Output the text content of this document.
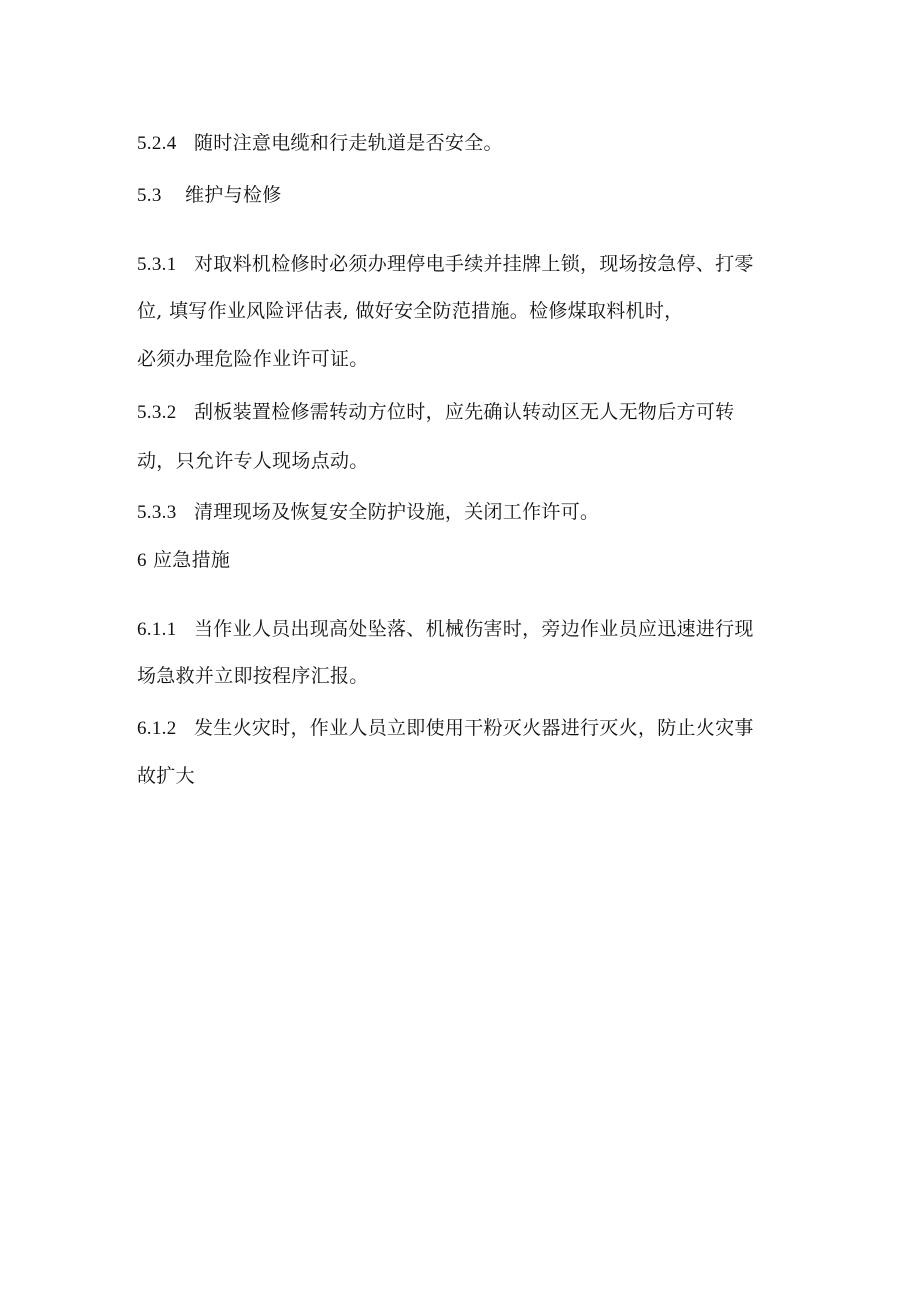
5.2.4 随时注意电缆和行走轨道是否安全。
5.3 维护与检修
5.3.1 对取料机检修时必须办理停电手续并挂牌上锁，现场按急停、打零
位, 填写作业风险评估表, 做好安全防范措施。检修煤取料机时，
必须办理危险作业许可证。
5.3.2 刮板装置检修需转动方位时，应先确认转动区无人无物后方可转
动，只允许专人现场点动。
5.3.3 清理现场及恢复安全防护设施，关闭工作许可。
6 应急措施
6.1.1 当作业人员出现高处坠落、机械伤害时，旁边作业员应迅速进行现
场急救并立即按程序汇报。
6.1.2 发生火灾时，作业人员立即使用干粉灭火器进行灭火，防止火灾事
故扩大
